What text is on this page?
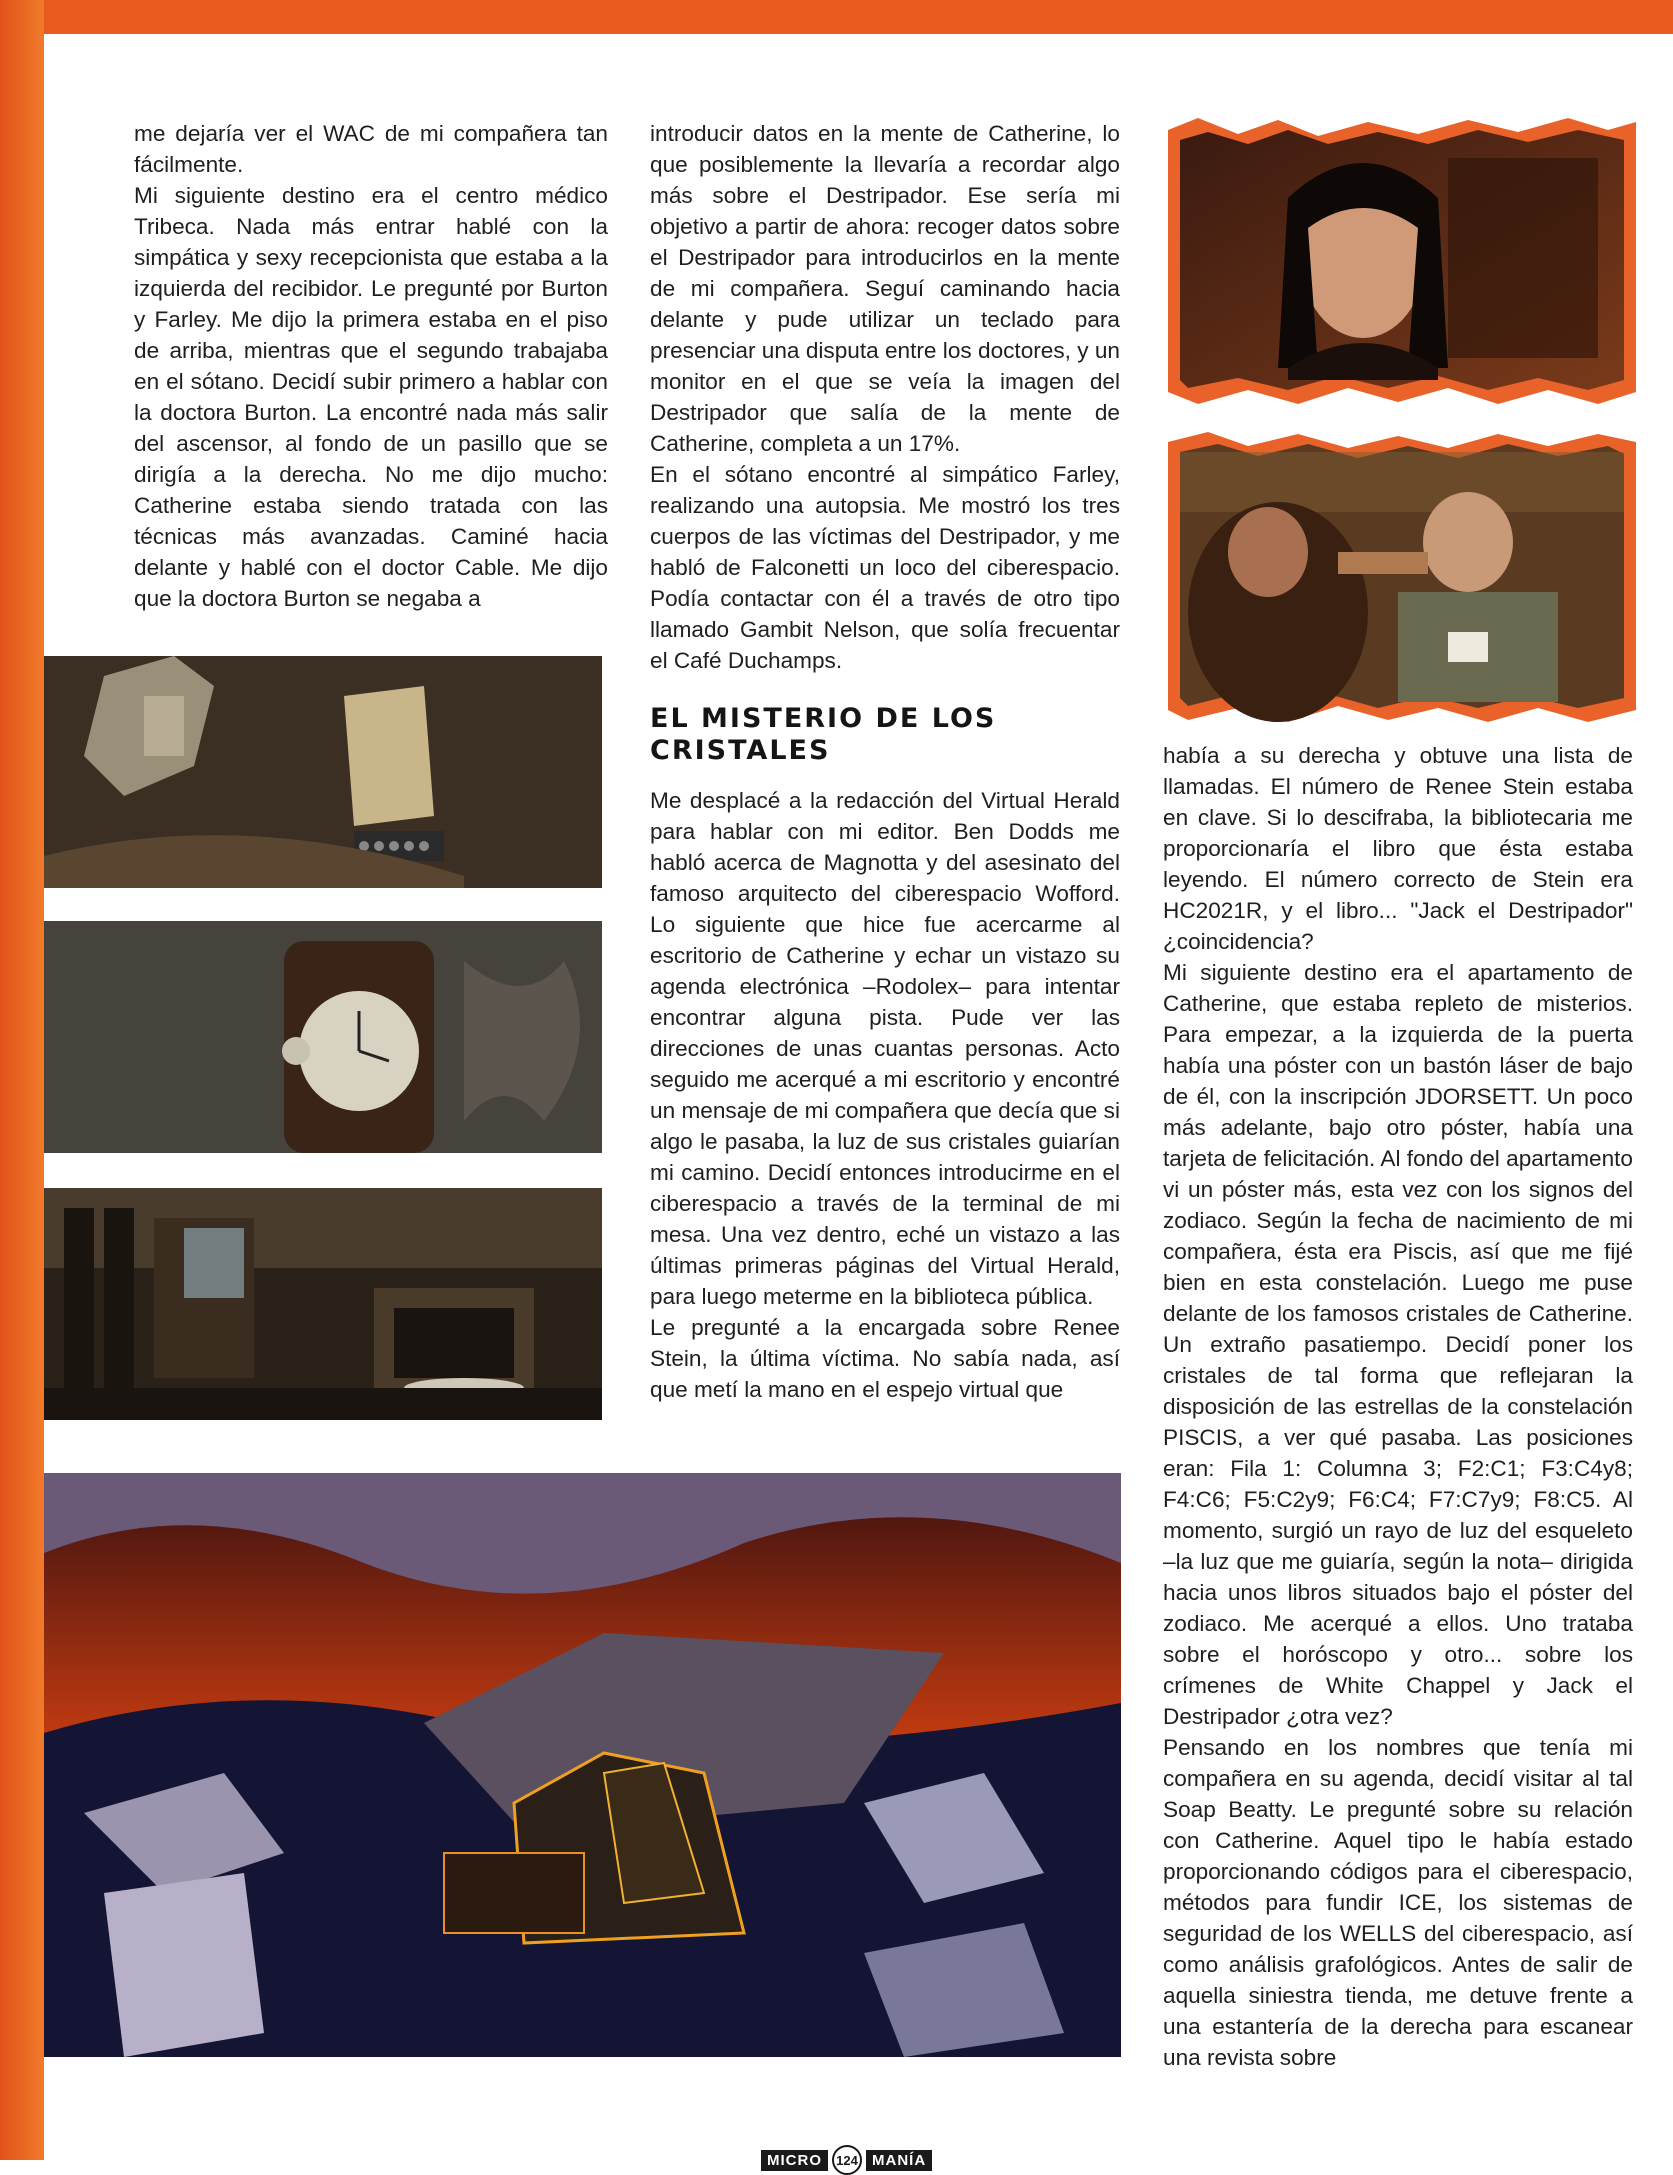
me dejaría ver el WAC de mi compañera tan fácilmente.

Mi siguiente destino era el centro médico Tribeca. Nada más entrar hablé con la simpática y sexy recepcionista que estaba a la izquierda del recibidor. Le pregunté por Burton y Farley. Me dijo la primera estaba en el piso de arriba, mientras que el segundo trabajaba en el sótano. Decidí subir primero a hablar con la doctora Burton. La encontré nada más salir del ascensor, al fondo de un pasillo que se dirigía a la derecha. No me dijo mucho: Catherine estaba siendo tratada con las técnicas más avanzadas. Caminé hacia delante y hablé con el doctor Cable. Me dijo que la doctora Burton se negaba a

introducir datos en la mente de Catherine, lo que posiblemente la llevaría a recordar algo más sobre el Destripador. Ese sería mi objetivo a partir de ahora: recoger datos sobre el Destripador para introducirlos en la mente de mi compañera. Seguí caminando hacia delante y pude utilizar un teclado para presenciar una disputa entre los doctores, y un monitor en el que se veía la imagen del Destripador que salía de la mente de Catherine, completa a un 17%.

En el sótano encontré al simpático Farley, realizando una autopsia. Me mostró los tres cuerpos de las víctimas del Destripador, y me habló de Falconetti un loco del ciberespacio. Podía contactar con él a través de otro tipo llamado Gambit Nelson, que solía frecuentar el Café Duchamps.

EL MISTERIO DE LOS
CRISTALES

Me desplacé a la redacción del Virtual Herald para hablar con mi editor. Ben Dodds me habló acerca de Magnotta y del asesinato del famoso arquitecto del ciberespacio Wofford. Lo siguiente que hice fue acercarme al escritorio de Catherine y echar un vistazo su agenda electrónica –Rodolex– para intentar encontrar alguna pista. Pude ver las direcciones de unas cuantas personas. Acto seguido me acerqué a mi escritorio y encontré un mensaje de mi compañera que decía que si algo le pasaba, la luz de sus cristales guiarían mi camino. Decidí entonces introducirme en el ciberespacio a través de la terminal de mi mesa. Una vez dentro, eché un vistazo a las últimas primeras páginas del Virtual Herald, para luego meterme en la biblioteca pública.

Le pregunté a la encargada sobre Renee Stein, la última víctima. No sabía nada, así que metí la mano en el espejo virtual que

había a su derecha y obtuve una lista de llamadas. El número de Renee Stein estaba en clave. Si lo descifraba, la bibliotecaria me proporcionaría el libro que ésta estaba leyendo. El número correcto de Stein era HC2021R, y el libro... "Jack el Destripador" ¿coincidencia?

Mi siguiente destino era el apartamento de Catherine, que estaba repleto de misterios. Para empezar, a la izquierda de la puerta había una póster con un bastón láser de bajo de él, con la inscripción JDORSETT. Un poco más adelante, bajo otro póster, había una tarjeta de felicitación. Al fondo del apartamento vi un póster más, esta vez con los signos del zodiaco. Según la fecha de nacimiento de mi compañera, ésta era Piscis, así que me fijé bien en esta constelación. Luego me puse delante de los famosos cristales de Catherine. Un extraño pasatiempo. Decidí poner los cristales de tal forma que reflejaran la disposición de las estrellas de la constelación PISCIS, a ver qué pasaba. Las posiciones eran: Fila 1: Columna 3; F2:C1; F3:C4y8; F4:C6; F5:C2y9; F6:C4; F7:C7y9; F8:C5. Al momento, surgió un rayo de luz del esqueleto –la luz que me guiaría, según la nota– dirigida hacia unos libros situados bajo el póster del zodiaco. Me acerqué a ellos. Uno trataba sobre el horóscopo y otro... sobre los crímenes de White Chappel y Jack el Destripador ¿otra vez?

Pensando en los nombres que tenía mi compañera en su agenda, decidí visitar al tal Soap Beatty. Le pregunté sobre su relación con Catherine. Aquel tipo le había estado proporcionando códigos para el ciberespacio, métodos para fundir ICE, los sistemas de seguridad de los WELLS del ciberespacio, así como análisis grafológicos. Antes de salir de aquella siniestra tienda, me detuve frente a una estantería de la derecha para escanear una revista sobre

MICRO	124 MANÍA
